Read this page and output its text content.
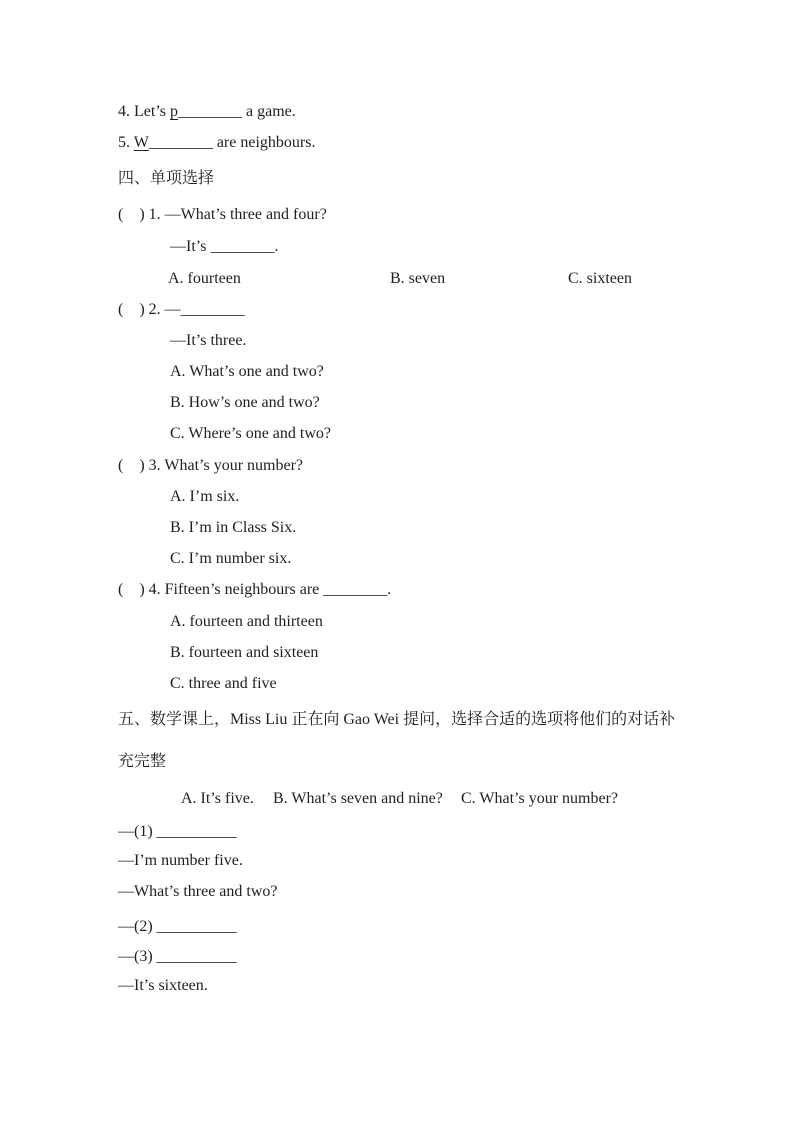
4. Let’s p________ a game.
5. W________ are neighbours.
四、单项选择
(    ) 1. —What’s three and four?
—It’s ________.
A. fourteen	B. seven	C. sixteen
(    ) 2. —________
—It’s three.
A. What’s one and two?
B. How’s one and two?
C. Where’s one and two?
(    ) 3. What’s your number?
A. I’m six.
B. I’m in Class Six.
C. I’m number six.
(    ) 4. Fifteen’s neighbours are ________.
A. fourteen and thirteen
B. fourteen and sixteen
C. three and five
五、数学课上，Miss Liu 正在向 Gao Wei 提问，选择合适的选项将他们的对话补
充完整
A. It’s five. B. What’s seven and nine? C. What’s your number?
—(1) __________
—I’m number five.
—What’s three and two?
—(2) __________
—(3) __________
—It’s sixteen.
